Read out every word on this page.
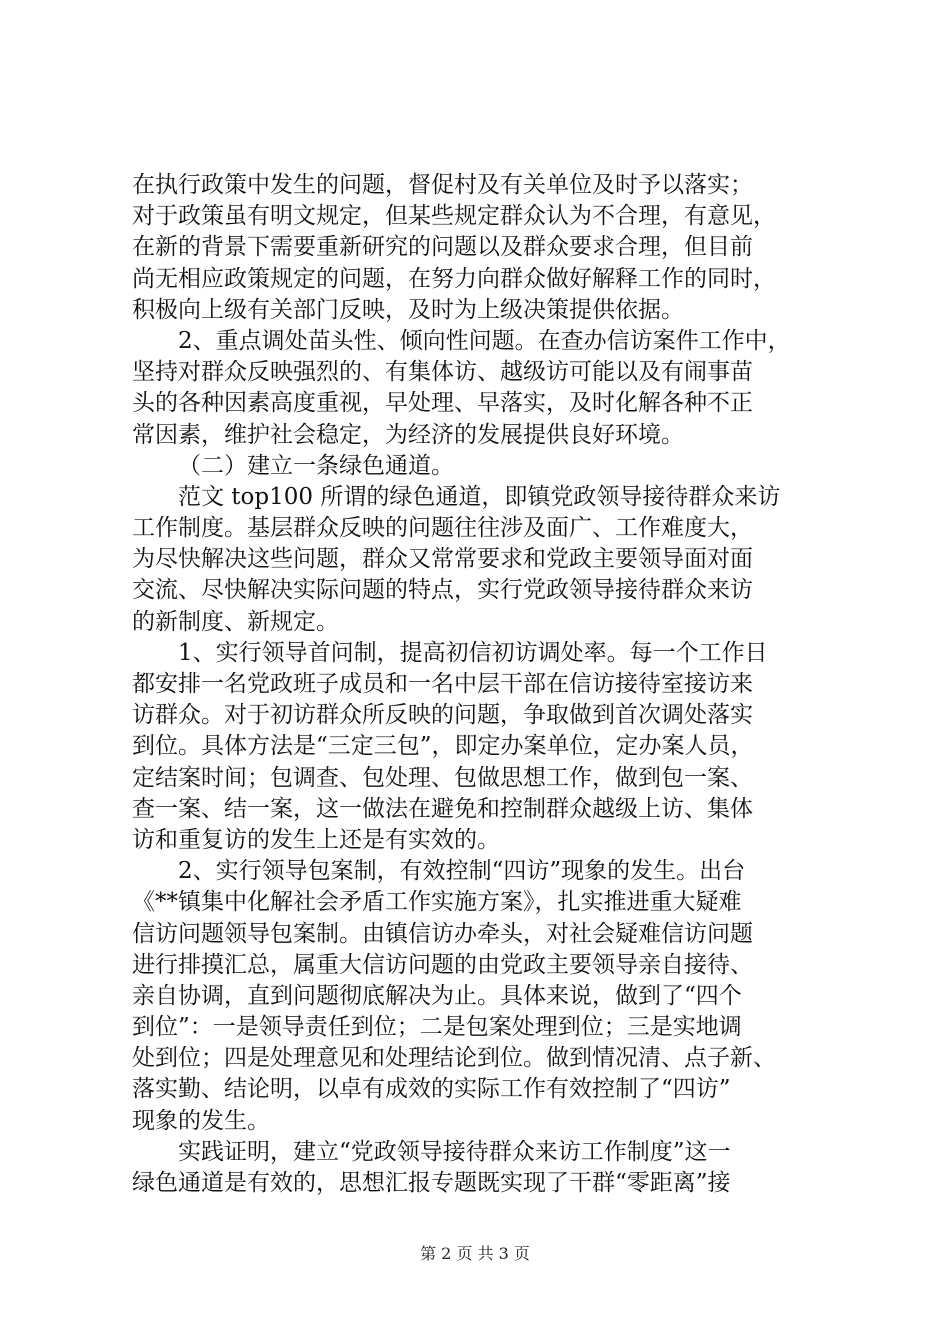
在执行政策中发生的问题，督促村及有关单位及时予以落实；
对于政策虽有明文规定，但某些规定群众认为不合理，有意见，
在新的背景下需要重新研究的问题以及群众要求合理，但目前
尚无相应政策规定的问题，在努力向群众做好解释工作的同时，
积极向上级有关部门反映，及时为上级决策提供依据。
2、重点调处苗头性、倾向性问题。在查办信访案件工作中，
坚持对群众反映强烈的、有集体访、越级访可能以及有闹事苗
头的各种因素高度重视，早处理、早落实，及时化解各种不正
常因素，维护社会稳定，为经济的发展提供良好环境。
（二）建立一条绿色通道。
范文 top100 所谓的绿色通道，即镇党政领导接待群众来访
工作制度。基层群众反映的问题往往涉及面广、工作难度大，
为尽快解决这些问题，群众又常常要求和党政主要领导面对面
交流、尽快解决实际问题的特点，实行党政领导接待群众来访
的新制度、新规定。
1、实行领导首问制，提高初信初访调处率。每一个工作日
都安排一名党政班子成员和一名中层干部在信访接待室接访来
访群众。对于初访群众所反映的问题，争取做到首次调处落实
到位。具体方法是“三定三包”，即定办案单位，定办案人员，
定结案时间；包调查、包处理、包做思想工作，做到包一案、
查一案、结一案，这一做法在避免和控制群众越级上访、集体
访和重复访的发生上还是有实效的。
2、实行领导包案制，有效控制“四访”现象的发生。出台
《**镇集中化解社会矛盾工作实施方案》，扎实推进重大疑难
信访问题领导包案制。由镇信访办牵头，对社会疑难信访问题
进行排摸汇总，属重大信访问题的由党政主要领导亲自接待、
亲自协调，直到问题彻底解决为止。具体来说，做到了“四个
到位”：一是领导责任到位；二是包案处理到位；三是实地调
处到位；四是处理意见和处理结论到位。做到情况清、点子新、
落实勤、结论明，以卓有成效的实际工作有效控制了“四访”
现象的发生。
实践证明，建立“党政领导接待群众来访工作制度”这一
绿色通道是有效的，思想汇报专题既实现了干群“零距离”接
第 2 页 共 3 页
